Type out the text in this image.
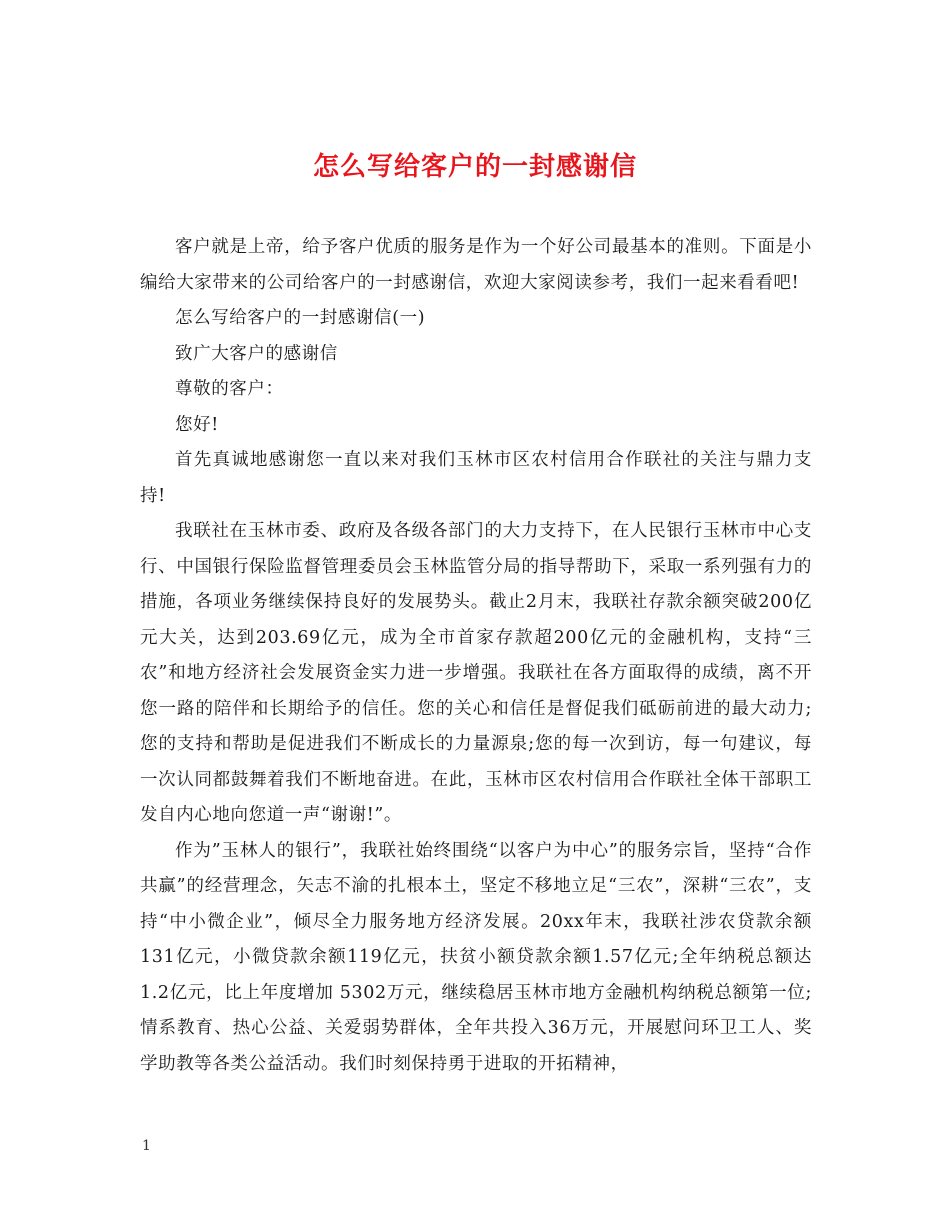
怎么写给客户的一封感谢信

客户就是上帝，给予客户优质的服务是作为一个好公司最基本的准则。下面是小编给大家带来的公司给客户的一封感谢信，欢迎大家阅读参考，我们一起来看看吧!

怎么写给客户的一封感谢信(一)

致广大客户的感谢信

尊敬的客户：

您好!

首先真诚地感谢您一直以来对我们玉林市区农村信用合作联社的关注与鼎力支持!

我联社在玉林市委、政府及各级各部门的大力支持下，在人民银行玉林市中心支行、中国银行保险监督管理委员会玉林监管分局的指导帮助下，采取一系列强有力的措施，各项业务继续保持良好的发展势头。截止2月末，我联社存款余额突破200亿元大关，达到203.69亿元，成为全市首家存款超200亿元的金融机构，支持“三农”和地方经济社会发展资金实力进一步增强。我联社在各方面取得的成绩，离不开您一路的陪伴和长期给予的信任。您的关心和信任是督促我们砥砺前进的最大动力;您的支持和帮助是促进我们不断成长的力量源泉;您的每一次到访，每一句建议，每一次认同都鼓舞着我们不断地奋进。在此，玉林市区农村信用合作联社全体干部职工发自内心地向您道一声“谢谢!”。

作为”玉林人的银行”，我联社始终围绕“以客户为中心”的服务宗旨，坚持“合作共赢”的经营理念，矢志不渝的扎根本土，坚定不移地立足“三农”，深耕“三农”，支持“中小微企业”，倾尽全力服务地方经济发展。20xx年末，我联社涉农贷款余额131亿元，小微贷款余额119亿元，扶贫小额贷款余额1.57亿元;全年纳税总额达1.2亿元，比上年度增加 5302万元，继续稳居玉林市地方金融机构纳税总额第一位;情系教育、热心公益、关爱弱势群体，全年共投入36万元，开展慰问环卫工人、奖学助教等各类公益活动。我们时刻保持勇于进取的开拓精神，

1
